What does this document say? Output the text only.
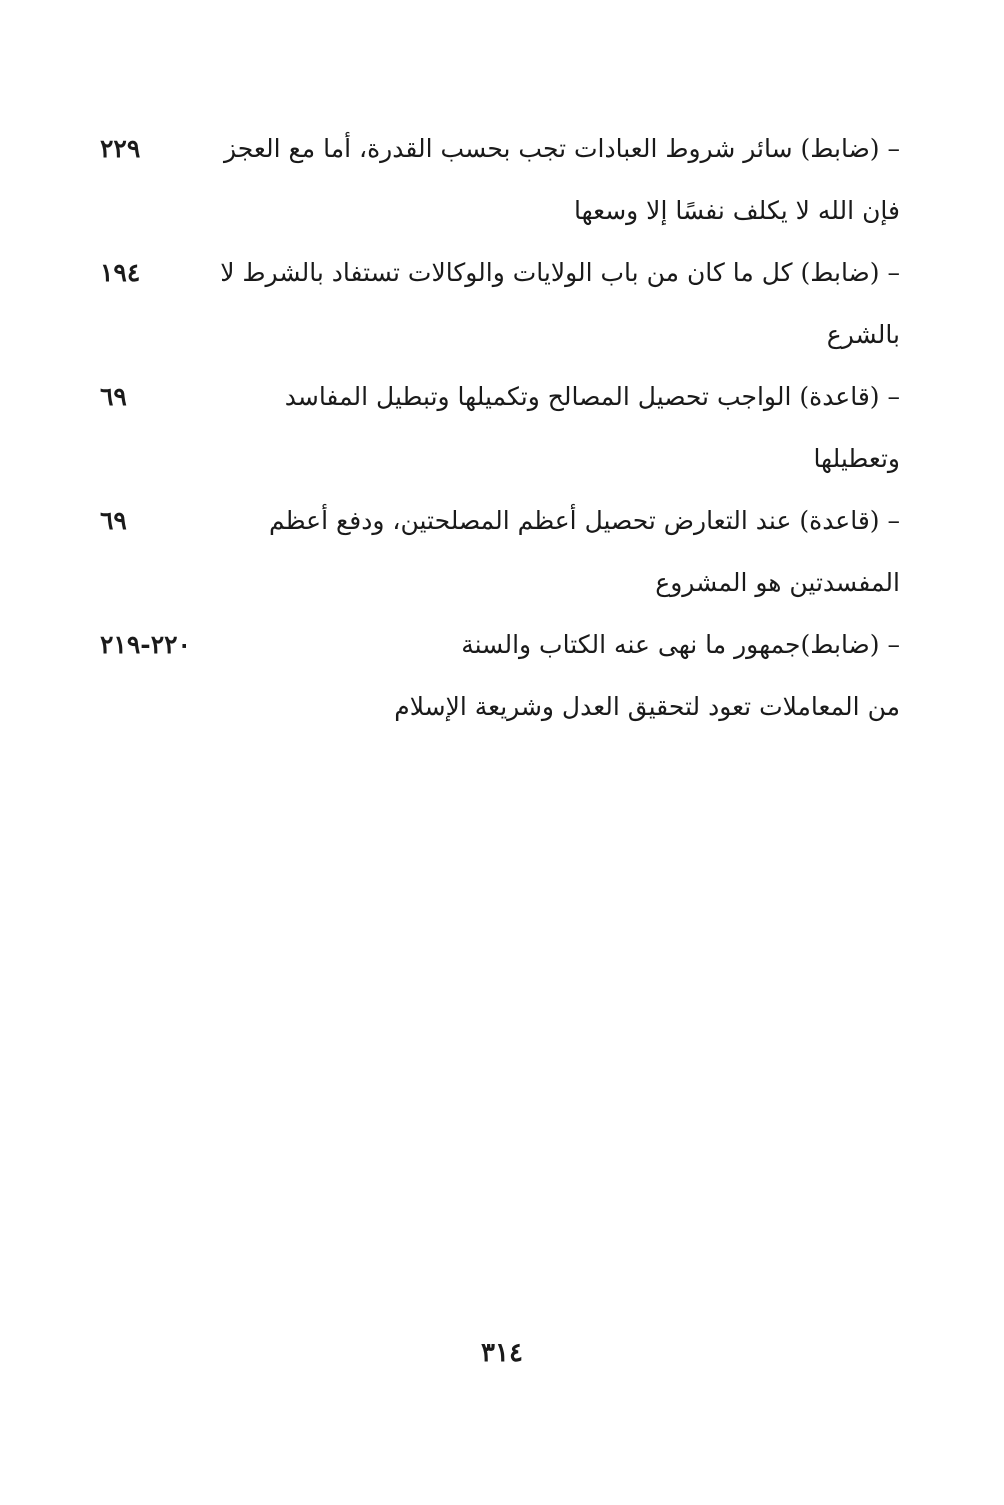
– (ضابط) سائر شروط العبادات تجب بحسب القدرة، أما مع العجز
٢٢٩
فإن الله لا يكلف نفسًا إلا وسعها
– (ضابط) كل ما كان من باب الولايات والوكالات تستفاد بالشرط لا
١٩٤
بالشرع
– (قاعدة) الواجب تحصيل المصالح وتكميلها وتبطيل المفاسد
٦٩
وتعطيلها
– (قاعدة) عند التعارض تحصيل أعظم المصلحتين، ودفع أعظم
٦٩
المفسدتين هو المشروع
– (ضابط)جمهور ما نهى عنه الكتاب والسنة
٢٢٠-٢١٩
من المعاملات تعود لتحقيق العدل وشريعة الإسلام
٣١٤
